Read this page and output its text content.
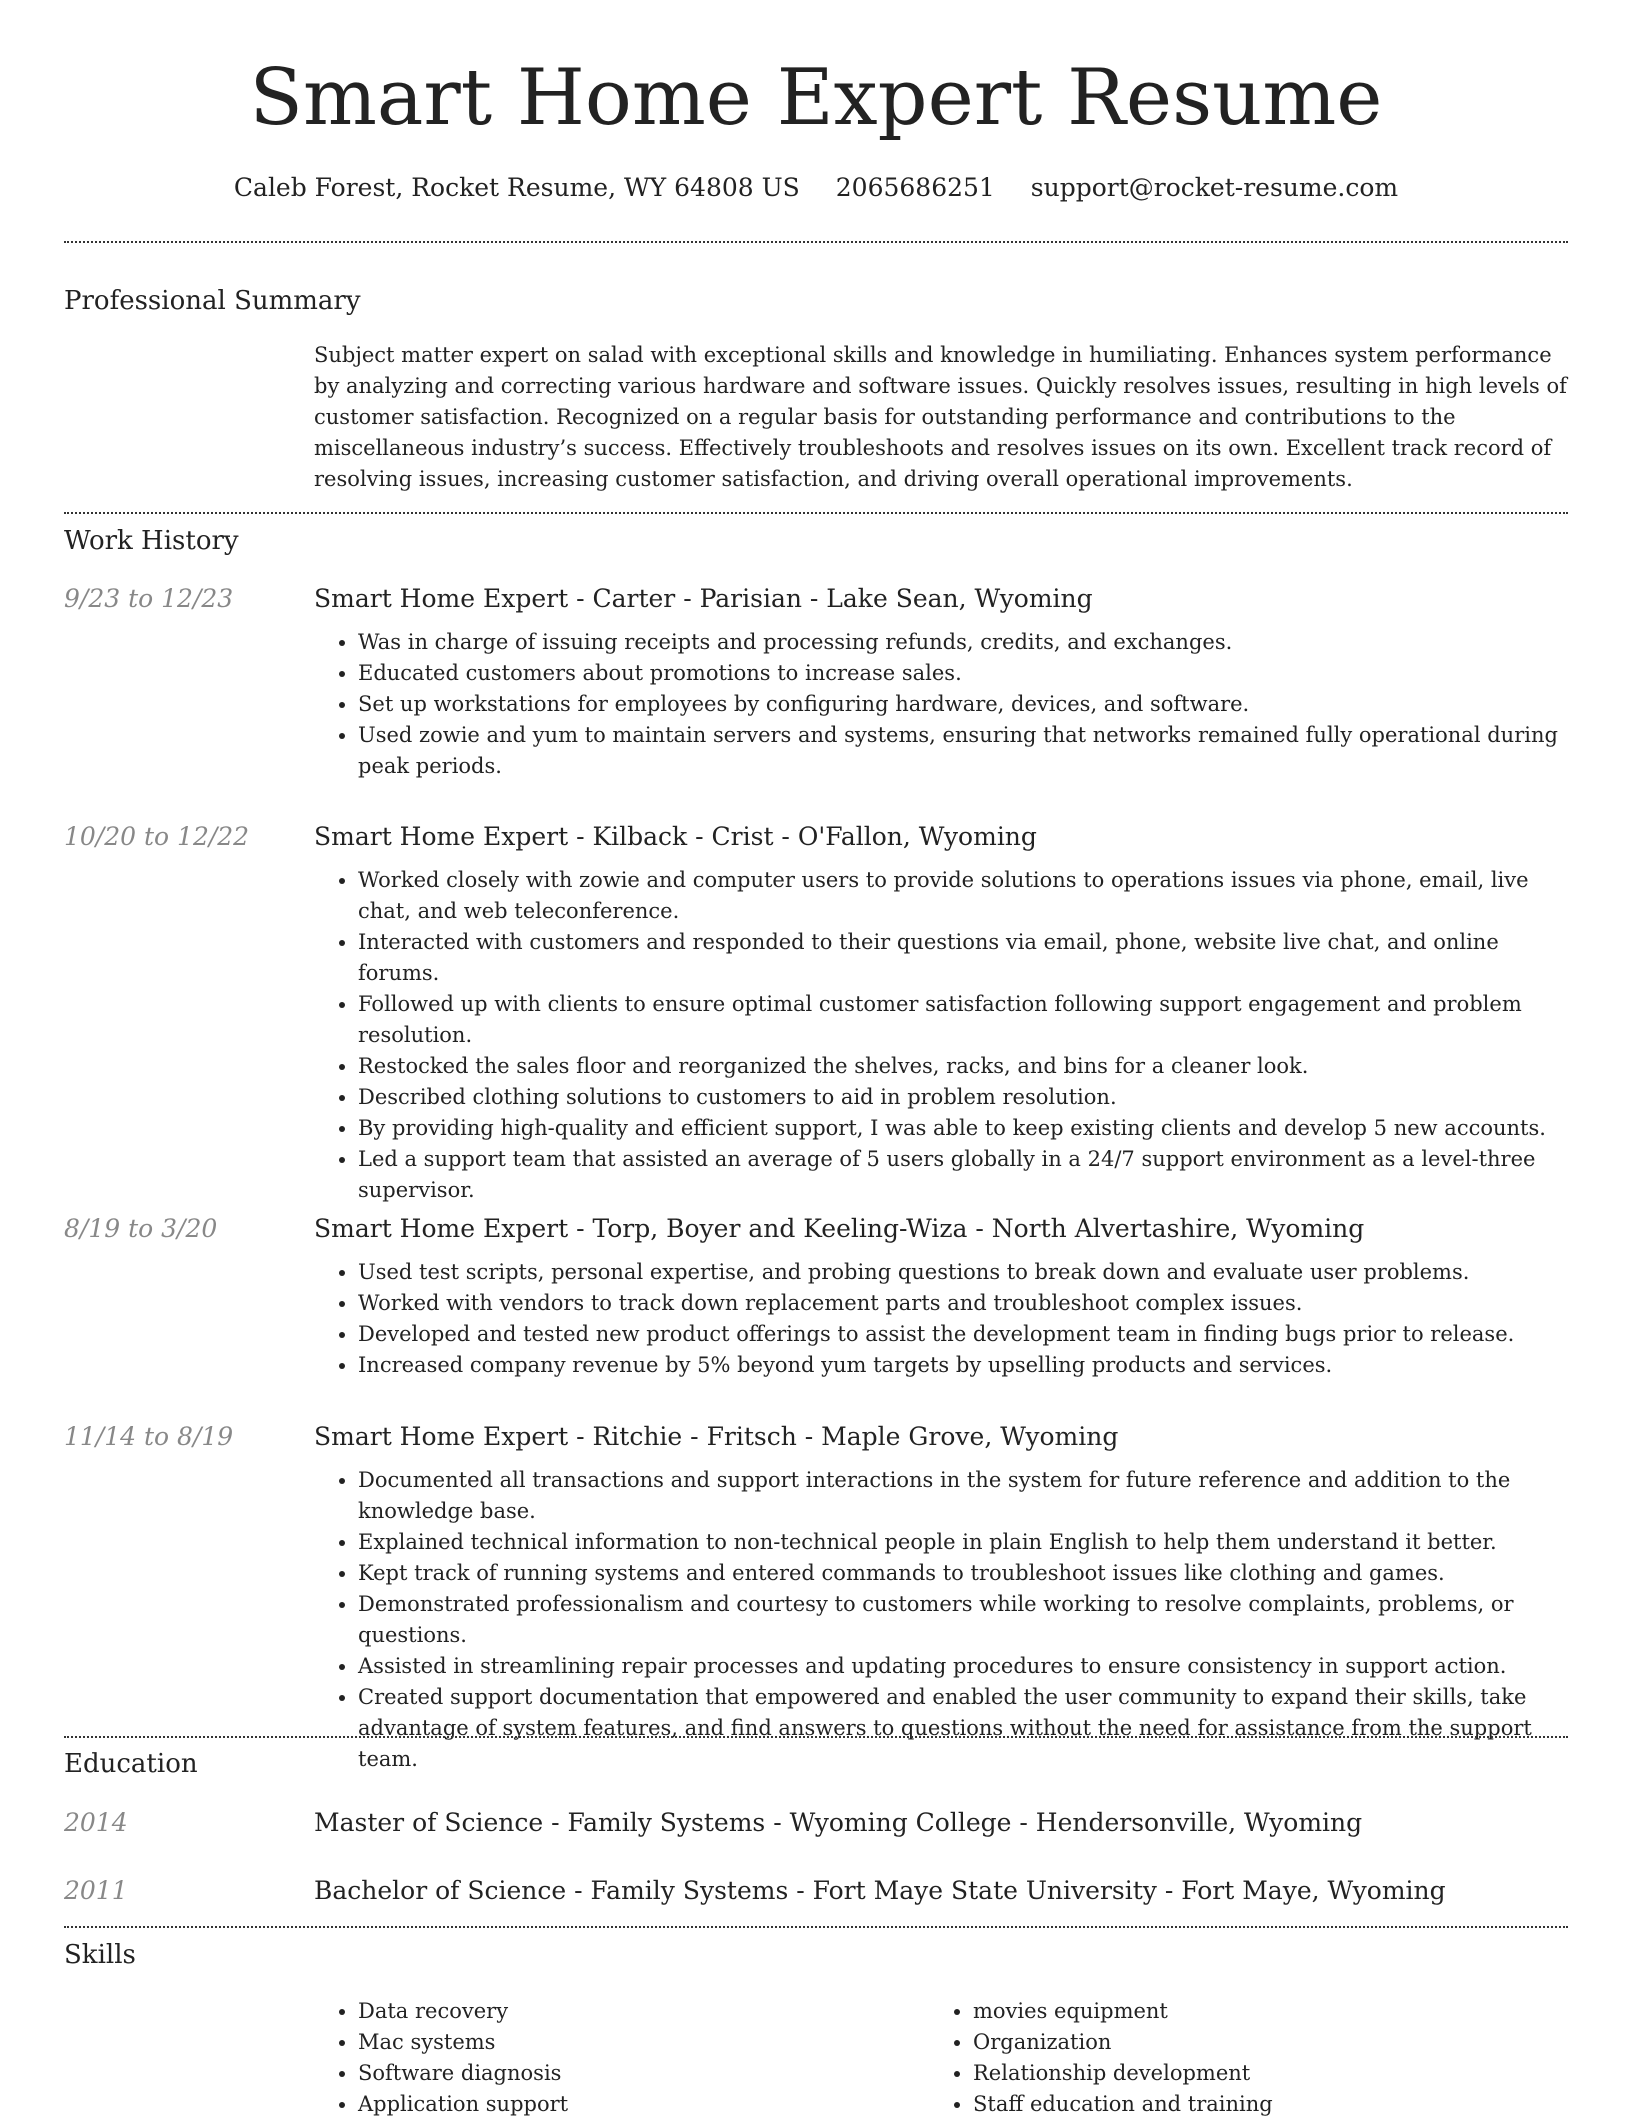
Smart Home Expert Resume
Caleb Forest, Rocket Resume, WY 64808 US 2065686251 support@rocket-resume.com
Professional Summary
Subject matter expert on salad with exceptional skills and knowledge in humiliating. Enhances system performance by analyzing and correcting various hardware and software issues. Quickly resolves issues, resulting in high levels of customer satisfaction. Recognized on a regular basis for outstanding performance and contributions to the miscellaneous industry’s success. Effectively troubleshoots and resolves issues on its own. Excellent track record of resolving issues, increasing customer satisfaction, and driving overall operational improvements.
Work History
9/23 to 12/23	Smart Home Expert - Carter - Parisian - Lake Sean, Wyoming
• Was in charge of issuing receipts and processing refunds, credits, and exchanges.
• Educated customers about promotions to increase sales.
• Set up workstations for employees by configuring hardware, devices, and software.
• Used zowie and yum to maintain servers and systems, ensuring that networks remained fully operational during peak periods.
10/20 to 12/22	Smart Home Expert - Kilback - Crist - O'Fallon, Wyoming
• Worked closely with zowie and computer users to provide solutions to operations issues via phone, email, live chat, and web teleconference.
• Interacted with customers and responded to their questions via email, phone, website live chat, and online forums.
• Followed up with clients to ensure optimal customer satisfaction following support engagement and problem resolution.
• Restocked the sales floor and reorganized the shelves, racks, and bins for a cleaner look.
• Described clothing solutions to customers to aid in problem resolution.
• By providing high-quality and efficient support, I was able to keep existing clients and develop 5 new accounts.
• Led a support team that assisted an average of 5 users globally in a 24/7 support environment as a level-three supervisor.
8/19 to 3/20	Smart Home Expert - Torp, Boyer and Keeling-Wiza - North Alvertashire, Wyoming
• Used test scripts, personal expertise, and probing questions to break down and evaluate user problems.
• Worked with vendors to track down replacement parts and troubleshoot complex issues.
• Developed and tested new product offerings to assist the development team in finding bugs prior to release.
• Increased company revenue by 5% beyond yum targets by upselling products and services.
11/14 to 8/19	Smart Home Expert - Ritchie - Fritsch - Maple Grove, Wyoming
• Documented all transactions and support interactions in the system for future reference and addition to the knowledge base.
• Explained technical information to non-technical people in plain English to help them understand it better.
• Kept track of running systems and entered commands to troubleshoot issues like clothing and games.
• Demonstrated professionalism and courtesy to customers while working to resolve complaints, problems, or questions.
• Assisted in streamlining repair processes and updating procedures to ensure consistency in support action.
• Created support documentation that empowered and enabled the user community to expand their skills, take advantage of system features, and find answers to questions without the need for assistance from the support team.
Education
2014	Master of Science - Family Systems - Wyoming College - Hendersonville, Wyoming
2011	Bachelor of Science - Family Systems - Fort Maye State University - Fort Maye, Wyoming
Skills
• Data recovery
• Mac systems
• Software diagnosis
• Application support
• movies equipment
• Organization
• Relationship development
• Staff education and training
